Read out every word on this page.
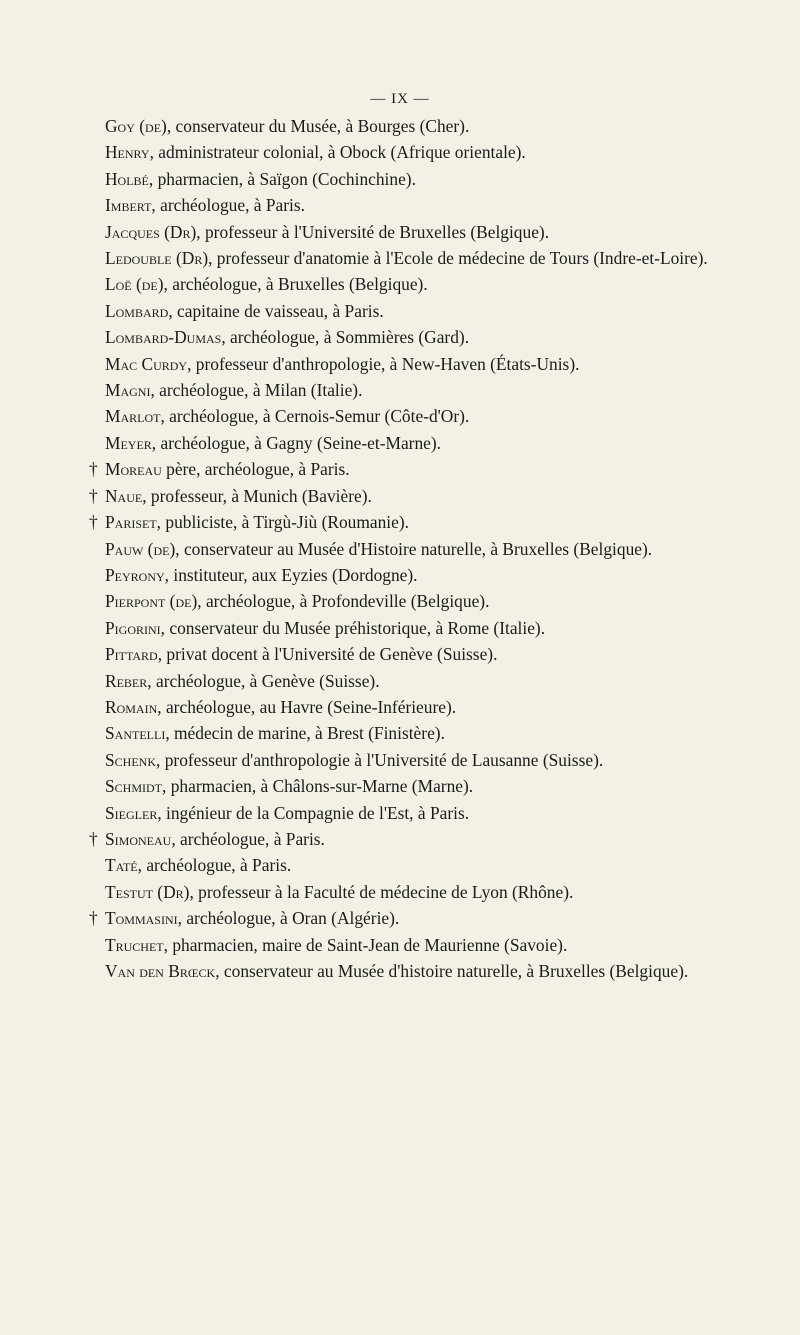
— IX —
Goy (de), conservateur du Musée, à Bourges (Cher).
Henry, administrateur colonial, à Obock (Afrique orientale).
Holbé, pharmacien, à Saïgon (Cochinchine).
Imbert, archéologue, à Paris.
Jacques (Dr), professeur à l'Université de Bruxelles (Belgique).
Ledouble (Dr), professeur d'anatomie à l'Ecole de médecine de Tours (Indre-et-Loire).
Loë (de), archéologue, à Bruxelles (Belgique).
Lombard, capitaine de vaisseau, à Paris.
Lombard-Dumas, archéologue, à Sommières (Gard).
Mac Curdy, professeur d'anthropologie, à New-Haven (États-Unis).
Magni, archéologue, à Milan (Italie).
Marlot, archéologue, à Cernois-Semur (Côte-d'Or).
Meyer, archéologue, à Gagny (Seine-et-Marne).
† Moreau père, archéologue, à Paris.
† Naue, professeur, à Munich (Bavière).
† Pariset, publiciste, à Tirgù-Jiù (Roumanie).
Pauw (de), conservateur au Musée d'Histoire naturelle, à Bruxelles (Belgique).
Peyrony, instituteur, aux Eyzies (Dordogne).
Pierpont (de), archéologue, à Profondeville (Belgique).
Pigorini, conservateur du Musée préhistorique, à Rome (Italie).
Pittard, privat docent à l'Université de Genève (Suisse).
Reber, archéologue, à Genève (Suisse).
Romain, archéologue, au Havre (Seine-Inférieure).
Santelli, médecin de marine, à Brest (Finistère).
Schenk, professeur d'anthropologie à l'Université de Lausanne (Suisse).
Schmidt, pharmacien, à Châlons-sur-Marne (Marne).
Siegler, ingénieur de la Compagnie de l'Est, à Paris.
† Simoneau, archéologue, à Paris.
Taté, archéologue, à Paris.
Testut (Dr), professeur à la Faculté de médecine de Lyon (Rhône).
† Tommasini, archéologue, à Oran (Algérie).
Truchet, pharmacien, maire de Saint-Jean de Maurienne (Savoie).
Van den Brœck, conservateur au Musée d'histoire naturelle, à Bruxelles (Belgique).
